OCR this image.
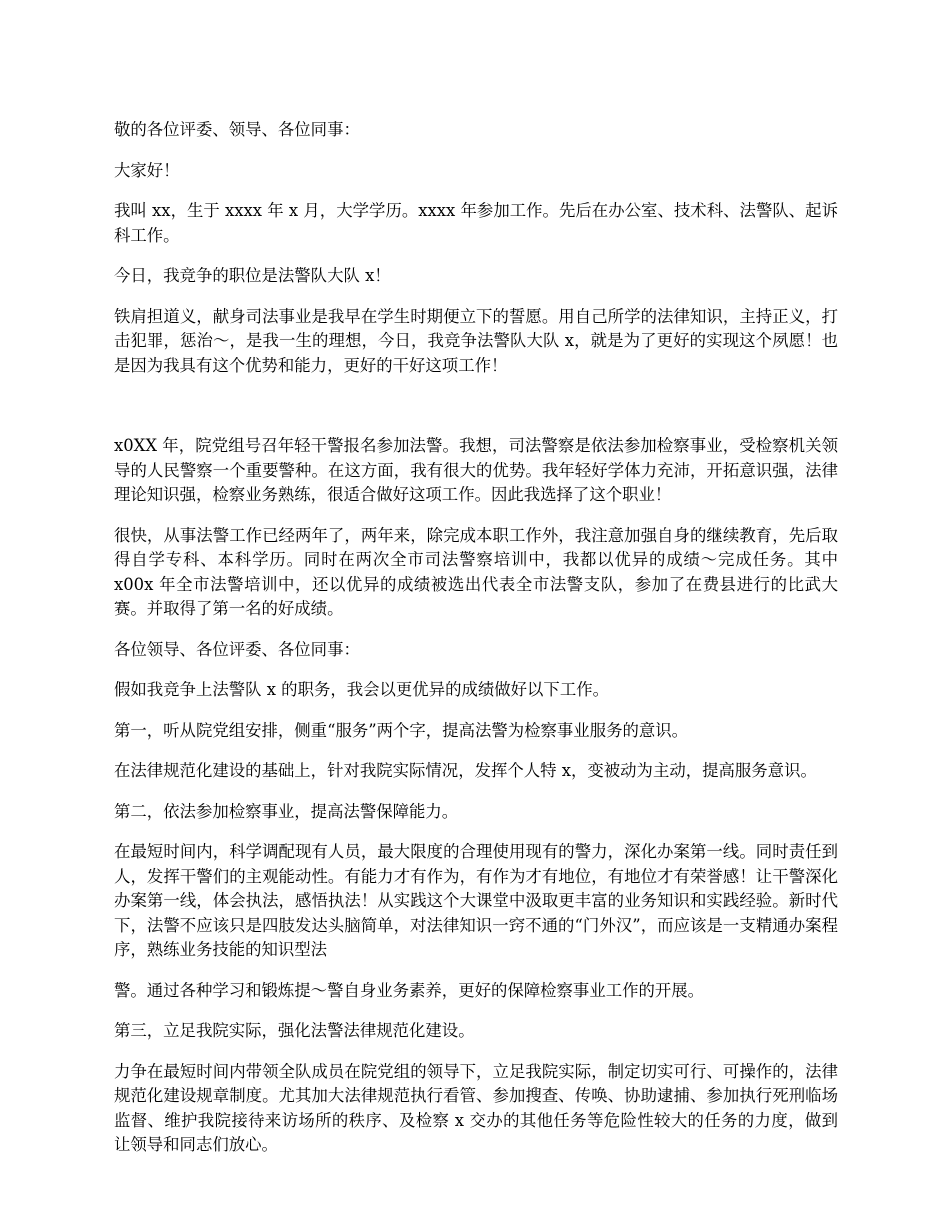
敬的各位评委、领导、各位同事：

大家好！

我叫 xx，生于 xxxx 年 x 月，大学学历。xxxx 年参加工作。先后在办公室、技术科、法警队、起诉科工作。

今日，我竞争的职位是法警队大队 x！

铁肩担道义，献身司法事业是我早在学生时期便立下的誓愿。用自己所学的法律知识，主持正义，打击犯罪，惩治～，是我一生的理想，今日，我竞争法警队大队 x，就是为了更好的实现这个夙愿！也是因为我具有这个优势和能力，更好的干好这项工作！

x0XX 年，院党组号召年轻干警报名参加法警。我想，司法警察是依法参加检察事业，受检察机关领导的人民警察一个重要警种。在这方面，我有很大的优势。我年轻好学体力充沛，开拓意识强，法律理论知识强，检察业务熟练，很适合做好这项工作。因此我选择了这个职业！

很快，从事法警工作已经两年了，两年来，除完成本职工作外，我注意加强自身的继续教育，先后取得自学专科、本科学历。同时在两次全市司法警察培训中，我都以优异的成绩～完成任务。其中 x00x 年全市法警培训中，还以优异的成绩被选出代表全市法警支队，参加了在费县进行的比武大赛。并取得了第一名的好成绩。

各位领导、各位评委、各位同事：

假如我竞争上法警队 x 的职务，我会以更优异的成绩做好以下工作。

第一，听从院党组安排，侧重“服务”两个字，提高法警为检察事业服务的意识。

在法律规范化建设的基础上，针对我院实际情况，发挥个人特 x，变被动为主动，提高服务意识。

第二，依法参加检察事业，提高法警保障能力。

在最短时间内，科学调配现有人员，最大限度的合理使用现有的警力，深化办案第一线。同时责任到人，发挥干警们的主观能动性。有能力才有作为，有作为才有地位，有地位才有荣誉感！让干警深化办案第一线，体会执法，感悟执法！从实践这个大课堂中汲取更丰富的业务知识和实践经验。新时代下，法警不应该只是四肢发达头脑简单，对法律知识一窍不通的“门外汉”，而应该是一支精通办案程序，熟练业务技能的知识型法

警。通过各种学习和锻炼提～警自身业务素养，更好的保障检察事业工作的开展。

第三，立足我院实际，强化法警法律规范化建设。

力争在最短时间内带领全队成员在院党组的领导下，立足我院实际，制定切实可行、可操作的，法律规范化建设规章制度。尤其加大法律规范执行看管、参加搜查、传唤、协助逮捕、参加执行死刑临场监督、维护我院接待来访场所的秩序、及检察 x 交办的其他任务等危险性较大的任务的力度，做到让领导和同志们放心。
